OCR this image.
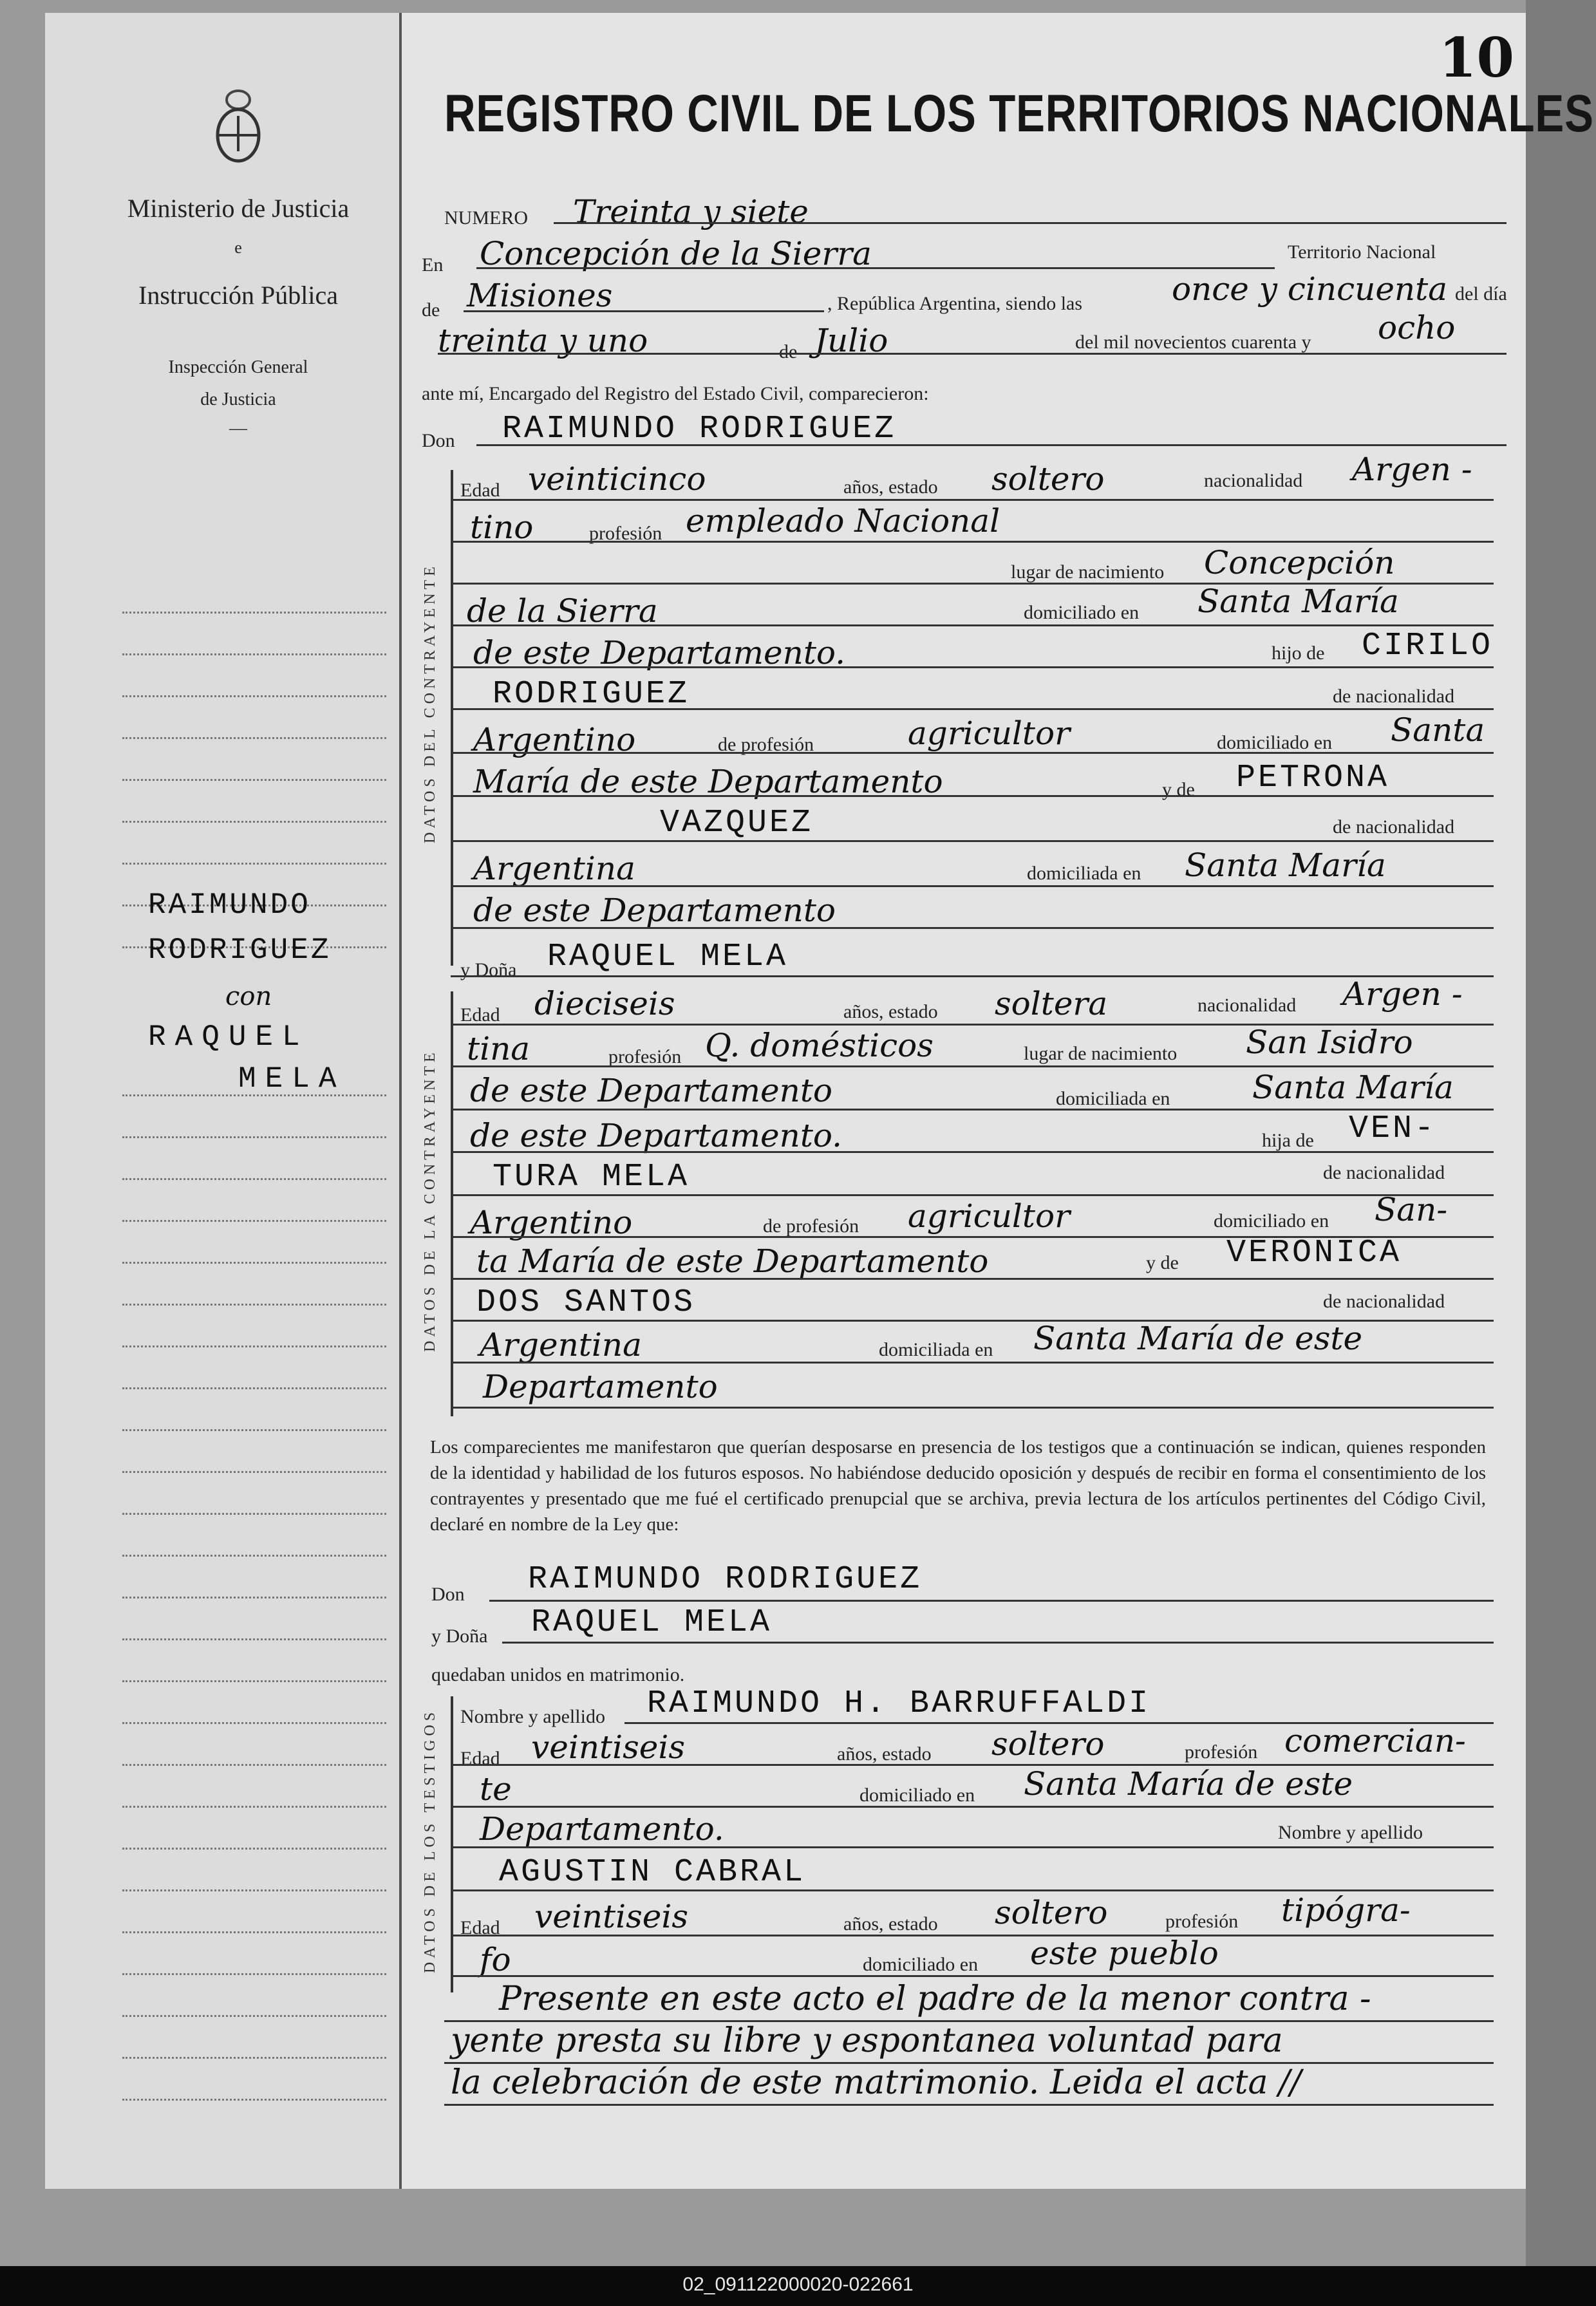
Ministerio de Justicia
e
Instrucción Pública
Inspección General
de Justicia
—
RAIMUNDO
RODRIGUEZ
con
RAQUEL
MELA
10
REGISTRO CIVIL DE LOS TERRITORIOS NACIONALES
NUMERO Treinta y siete
En Concepción de la Sierra	Territorio Nacional
de Misiones	, República Argentina, siendo las	once y cincuenta del día
treinta y uno	de Julio	del mil novecientos cuarenta y ocho
ante mí, Encargado del Registro del Estado Civil, comparecieron:
Don RAIMUNDO RODRIGUEZ
DATOS DEL CONTRAYENTE
Edad veinticinco	años, estado soltero	nacionalidad Argen -
tino	profesión empleado Nacional
lugar de nacimiento Concepción
de la Sierra	domiciliado en Santa María
de este Departamento.	hijo de CIRILO
RODRIGUEZ	de nacionalidad
Argentino	de profesión	agricultor	domiciliado en Santa
María de este Departamento	y de PETRONA
VAZQUEZ	de nacionalidad
Argentina	domiciliada en Santa María
de este Departamento
y Doña RAQUEL MELA
DATOS DE LA CONTRAYENTE
Edad dieciseis	años, estado soltera	nacionalidad Argen -
tina	profesión Q. domésticos	lugar de nacimiento San Isidro
de este Departamento	domiciliada en	Santa María
de este Departamento.	hija de VEN-
TURA MELA	de nacionalidad
Argentino	de profesión agricultor	domiciliado en San-
ta María de este Departamento	y de VERONICA
DOS SANTOS	de nacionalidad
Argentina	domiciliada en Santa María de este
Departamento
Los comparecientes me manifestaron que querían desposarse en presencia de los testigos que a continuación se indican, quienes responden de la identidad y habilidad de los futuros esposos. No habiéndose deducido oposición y después de recibir en forma el consentimiento de los contrayentes y presentado que me fué el certificado prenupcial que se archiva, previa lectura de los artículos pertinentes del Código Civil, declaré en nombre de la Ley que:
Don RAIMUNDO RODRIGUEZ
y Doña RAQUEL MELA
quedaban unidos en matrimonio.
DATOS DE LOS TESTIGOS Nombre y apellido RAIMUNDO H. BARRUFFALDI
Edad veintiseis	años, estado soltero	profesión comercian-
te	domiciliado en Santa María de este
Departamento.	Nombre y apellido
AGUSTIN CABRAL
Edad veintiseis	años, estado soltero	profesión tipógra-
fo	domiciliado en este pueblo
Presente en este acto el padre de la menor contra -
yente presta su libre y espontanea voluntad para
la celebración de este matrimonio. Leida el acta //
02_091122000020-022661
